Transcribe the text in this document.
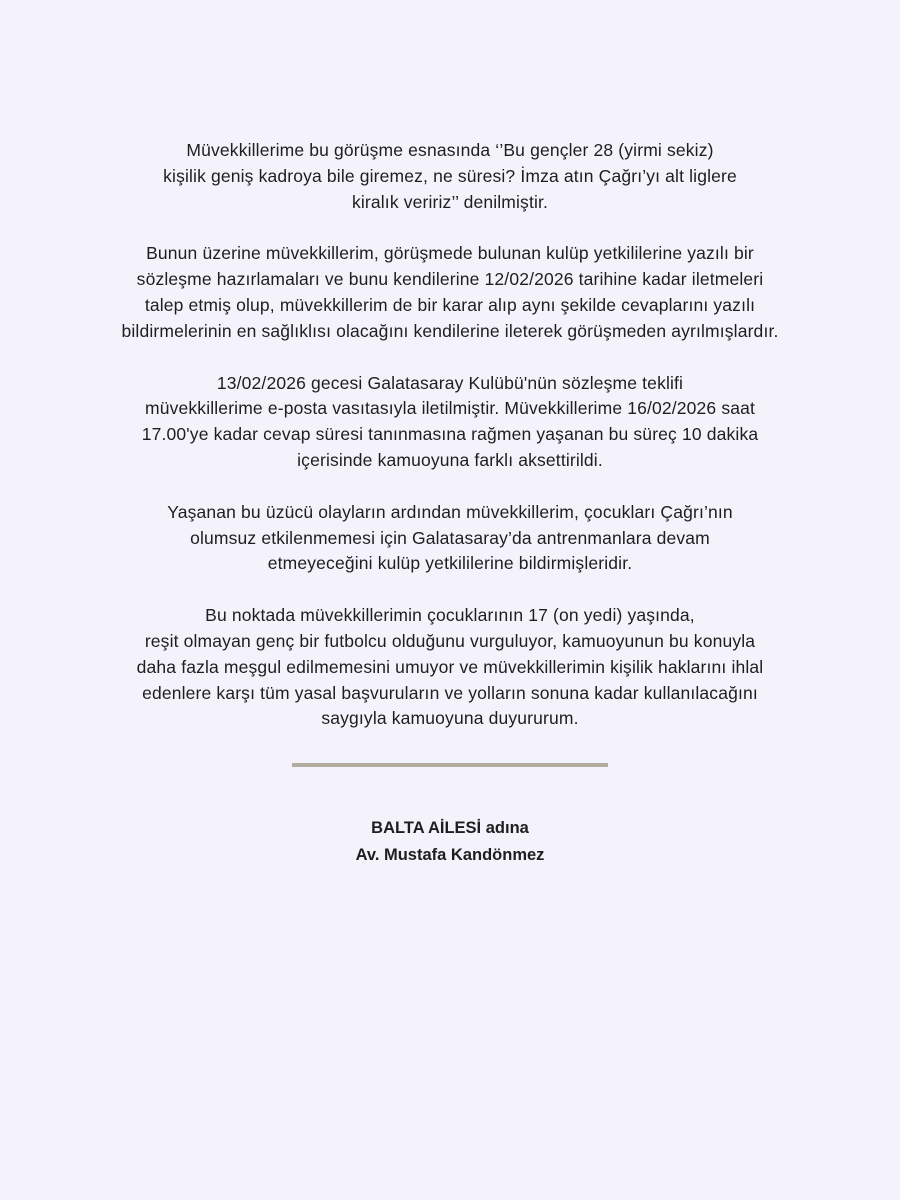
Müvekkillerime bu görüşme esnasında ‘’Bu gençler 28 (yirmi sekiz)
kişilik geniş kadroya bile giremez, ne süresi? İmza atın Çağrı’yı alt liglere
kiralık veririz’’ denilmiştir.

Bunun üzerine müvekkillerim, görüşmede bulunan kulüp yetkililerine yazılı bir
sözleşme hazırlamaları ve bunu kendilerine 12/02/2026 tarihine kadar iletmeleri
talep etmiş olup, müvekkillerim de bir karar alıp aynı şekilde cevaplarını yazılı
bildirmelerinin en sağlıklısı olacağını kendilerine ileterek görüşmeden ayrılmışlardır.

13/02/2026 gecesi Galatasaray Kulübü'nün sözleşme teklifi
müvekkillerime e-posta vasıtasıyla iletilmiştir. Müvekkillerime 16/02/2026 saat
17.00'ye kadar cevap süresi tanınmasına rağmen yaşanan bu süreç 10 dakika
içerisinde kamuoyuna farklı aksettirildi.

Yaşanan bu üzücü olayların ardından müvekkillerim, çocukları Çağrı’nın
olumsuz etkilenmemesi için Galatasaray’da antrenmanlara devam
etmeyeceğini kulüp yetkililerine bildirmişleridir.

Bu noktada müvekkillerimin çocuklarının 17 (on yedi) yaşında,
reşit olmayan genç bir futbolcu olduğunu vurguluyor, kamuoyunun bu konuyla
daha fazla meşgul edilmemesini umuyor ve müvekkillerimin kişilik haklarını ihlal
edenlere karşı tüm yasal başvuruların ve yolların sonuna kadar kullanılacağını
saygıyla kamuoyuna duyururum.

BALTA AİLESİ adına
Av. Mustafa Kandönmez
